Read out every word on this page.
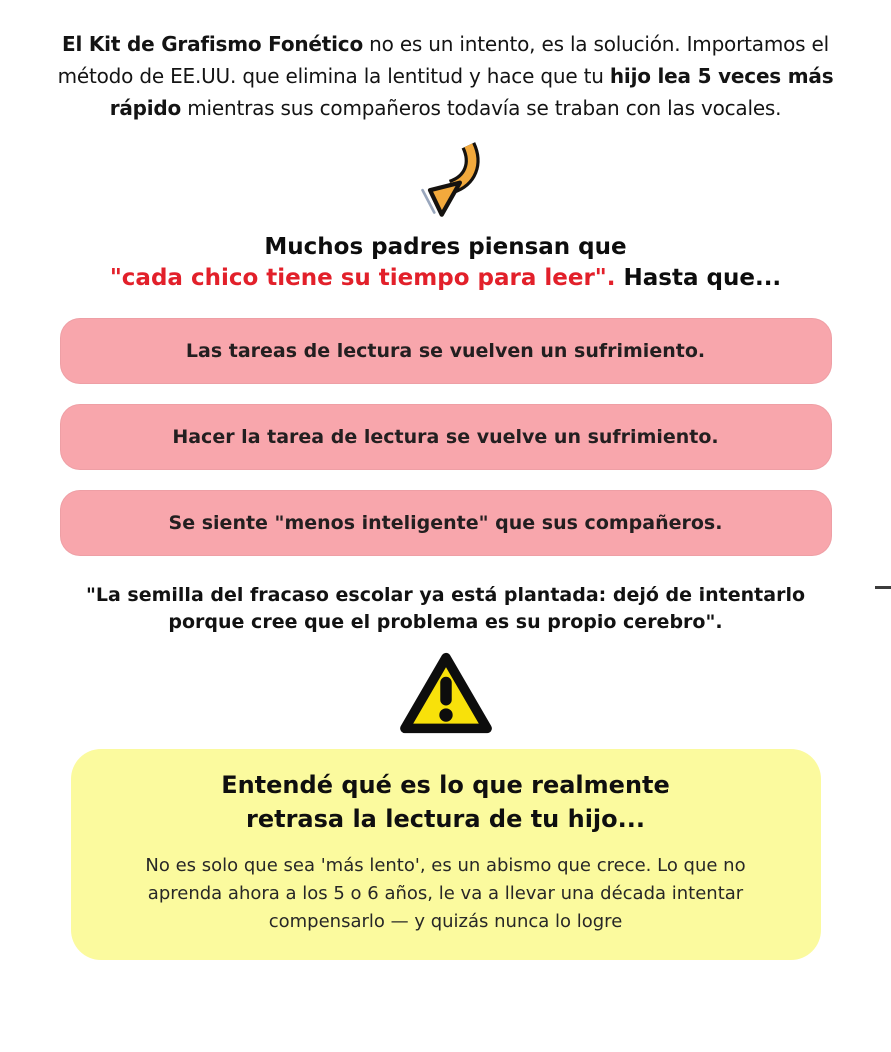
El Kit de Grafismo Fonético no es un intento, es la solución. Importamos el método de EE.UU. que elimina la lentitud y hace que tu hijo lea 5 veces más rápido mientras sus compañeros todavía se traban con las vocales.
Muchos padres piensan que
"cada chico tiene su tiempo para leer". Hasta que...
Las tareas de lectura se vuelven un sufrimiento.
Hacer la tarea de lectura se vuelve un sufrimiento.
Se siente "menos inteligente" que sus compañeros.
"La semilla del fracaso escolar ya está plantada: dejó de intentarlo porque cree que el problema es su propio cerebro".
Entendé qué es lo que realmente
retrasa la lectura de tu hijo...
No es solo que sea 'más lento', es un abismo que crece. Lo que no aprenda ahora a los 5 o 6 años, le va a llevar una década intentar compensarlo — y quizás nunca lo logre
